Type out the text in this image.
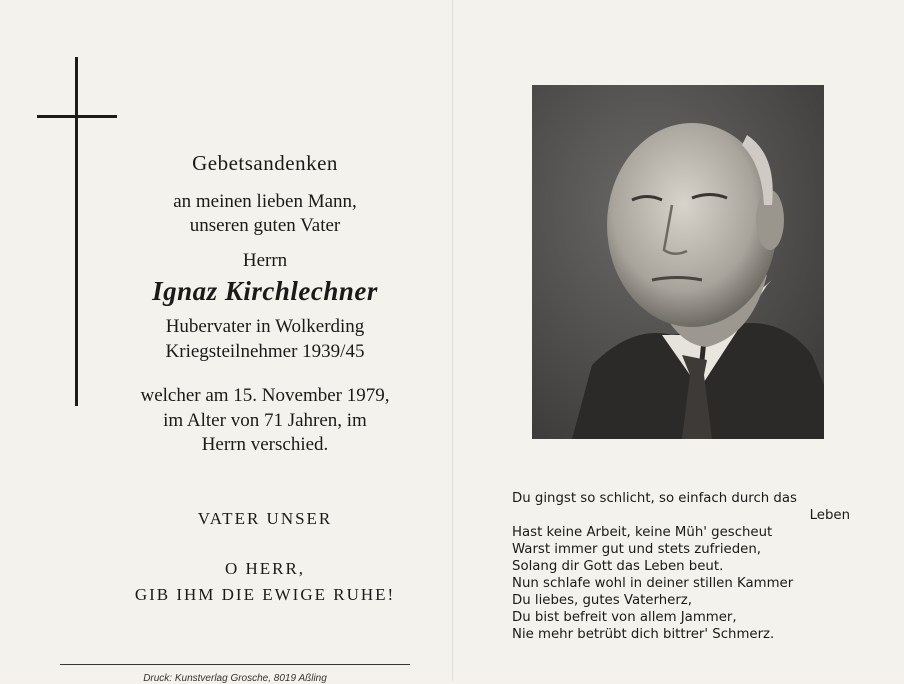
Gebetsandenken
an meinen lieben Mann,
unseren guten Vater
Herrn
Ignaz Kirchlechner
Hubervater in Wolkerding
Kriegsteilnehmer 1939/45
welcher am 15. November 1979,
im Alter von 71 Jahren, im
Herrn verschied.
VATER UNSER
O HERR,
GIB IHM DIE EWIGE RUHE!
Druck: Kunstverlag Grosche, 8019 Aßling
Du gingst so schlicht, so einfach durch das
Leben
Hast keine Arbeit, keine Müh' gescheut
Warst immer gut und stets zufrieden,
Solang dir Gott das Leben beut.
Nun schlafe wohl in deiner stillen Kammer
Du liebes, gutes Vaterherz,
Du bist befreit von allem Jammer,
Nie mehr betrübt dich bittrer' Schmerz.
